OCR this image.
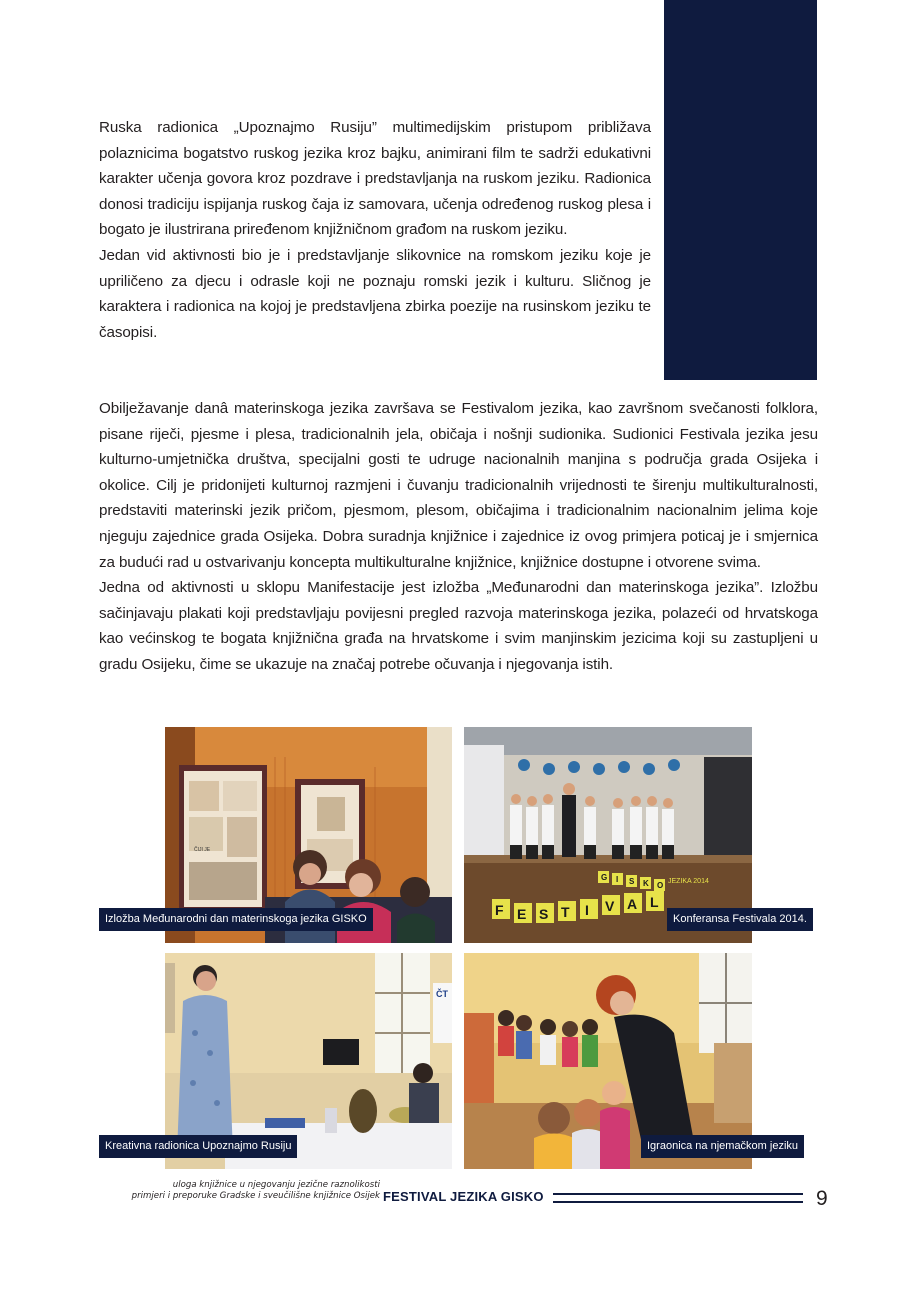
Ruska radionica „Upoznajmo Rusiju” multimedijskim pristupom približava polaznicima bogatstvo ruskog jezika kroz bajku, animirani film te sadrži edukativni karakter učenja govora kroz pozdrave i predstavljanja na ruskom jeziku. Radionica donosi tradiciju ispijanja ruskog čaja iz samovara, učenja određenog ruskog plesa i bogato je ilustrirana priređenom knjižničnom građom na ruskom jeziku.

Jedan vid aktivnosti bio je i predstavljanje slikovnice na romskom jeziku koje je upriličeno za djecu i odrasle koji ne poznaju romski jezik i kulturu. Sličnog je karaktera i radionica na kojoj je predstavljena zbirka poezije na rusinskom jeziku te časopisi.

Obilježavanje danâ materinskoga jezika završava se Festivalom jezika, kao završnom svečanosti folklora, pisane riječi, pjesme i plesa, tradicionalnih jela, običaja i nošnji sudionika. Sudionici Festivala jezika jesu kulturno-umjetnička društva, specijalni gosti te udruge nacionalnih manjina s područja grada Osijeka i okolice. Cilj je pridonijeti kulturnoj razmjeni i čuvanju tradicionalnih vrijednosti te širenju multikulturalnosti, predstaviti materinski jezik pričom, pjesmom, plesom, običajima i tradicionalnim nacionalnim jelima koje njeguju zajednice grada Osijeka. Dobra suradnja knjižnice i zajednice iz ovog primjera poticaj je i smjernica za budući rad u ostvarivanju koncepta multikulturalne knjižnice, knjižnice dostupne i otvorene svima.

Jedna od aktivnosti u sklopu Manifestacije jest izložba „Međunarodni dan materinskoga jezika”. Izložbu sačinjavaju plakati koji predstavljaju povijesni pregled razvoja materinskoga jezika, polazeći od hrvatskoga kao većinskog te bogata knjižnična građa na hrvatskome i svim manjinskim jezicima koji su zastupljeni u gradu Osijeku, čime se ukazuje na značaj potrebe očuvanja i njegovanja istih.

ČIJI JE
Izložba Međunarodni dan materinskoga jezika GISKO
F E S T I V A L
G I S K O JEZIKA 2014
Konferansa Festivala 2014.
ČT
Kreativna radionica Upoznajmo Rusiju	Igraonica na njemačkom jeziku
uloga knjižnice u njegovanju jezične raznolikosti
primjeri i preporuke Gradske i sveučilišne knjižnice Osijek FESTIVAL JEZIKA GISKO	9
